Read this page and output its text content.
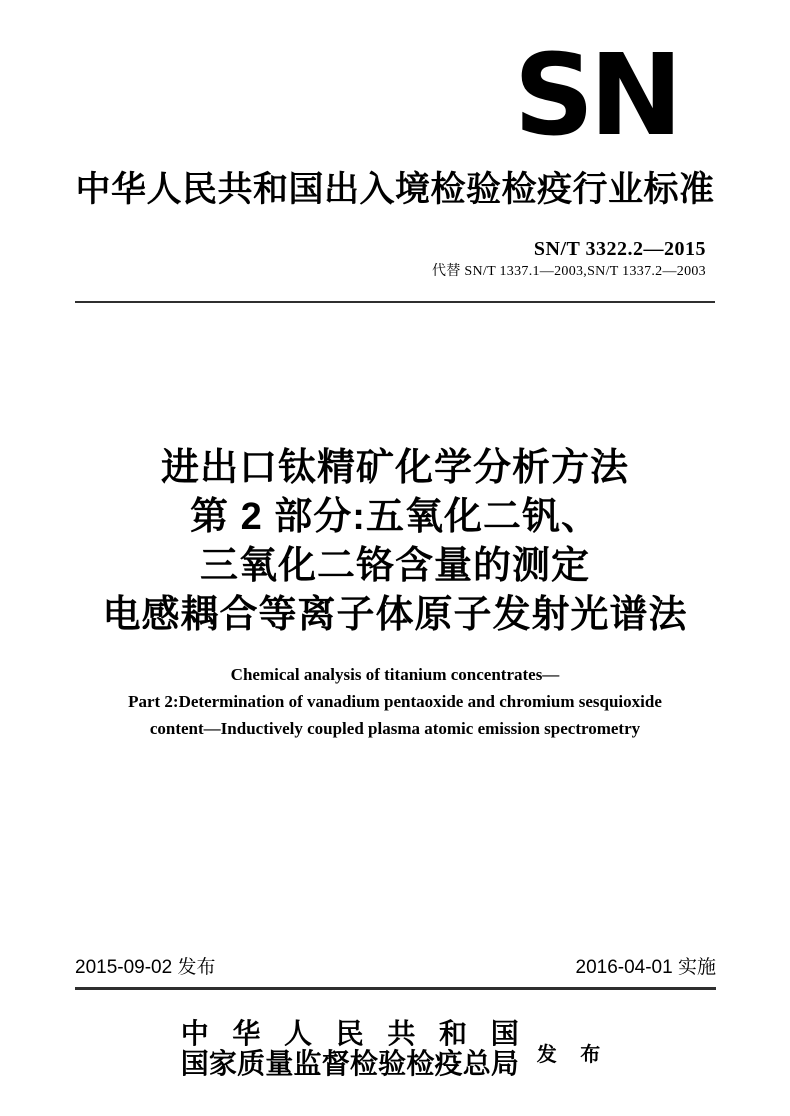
SN
中华人民共和国出入境检验检疫行业标准
SN/T 3322.2—2015
代替 SN/T 1337.1—2003,SN/T 1337.2—2003
进出口钛精矿化学分析方法
第 2 部分:五氧化二钒、
三氧化二铬含量的测定
电感耦合等离子体原子发射光谱法
Chemical analysis of titanium concentrates—
Part 2:Determination of vanadium pentaoxide and chromium sesquioxide
content—Inductively coupled plasma atomic emission spectrometry
2015-09-02 发布	2016-04-01 实施
中华人民共和国
国家质量监督检验检疫总局 发 布
